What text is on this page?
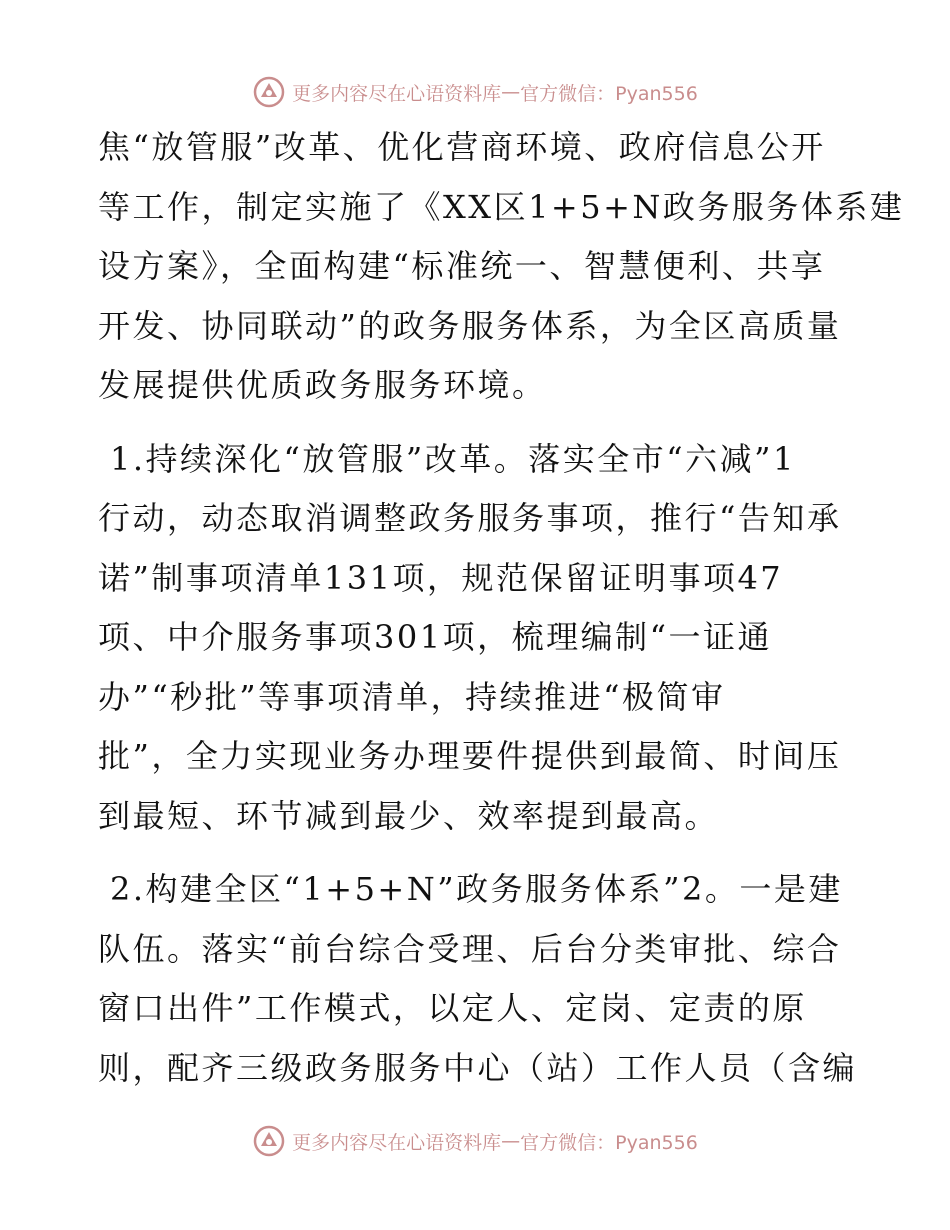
更多内容尽在心语资料库 — 官方微信：Pyan556
焦“放管服”改革、优化营商环境、政府信息公开
等工作，制定实施了《XX区1+5+N政务服务体系建
设方案》，全面构建“标准统一、智慧便利、共享
开发、协同联动”的政务服务体系，为全区高质量
发展提供优质政务服务环境。
1.持续深化“放管服”改革。落实全市“六减”1
行动，动态取消调整政务服务事项，推行“告知承
诺”制事项清单131项，规范保留证明事项47
项、中介服务事项301项，梳理编制“一证通
办”“秒批”等事项清单，持续推进“极简审
批”，全力实现业务办理要件提供到最简、时间压
到最短、环节减到最少、效率提到最高。
2.构建全区“1+5+N”政务服务体系”2。一是建
队伍。落实“前台综合受理、后台分类审批、综合
窗口出件”工作模式，以定人、定岗、定责的原
则，配齐三级政务服务中心（站）工作人员（含编
更多内容尽在心语资料库 — 官方微信：Pyan556
